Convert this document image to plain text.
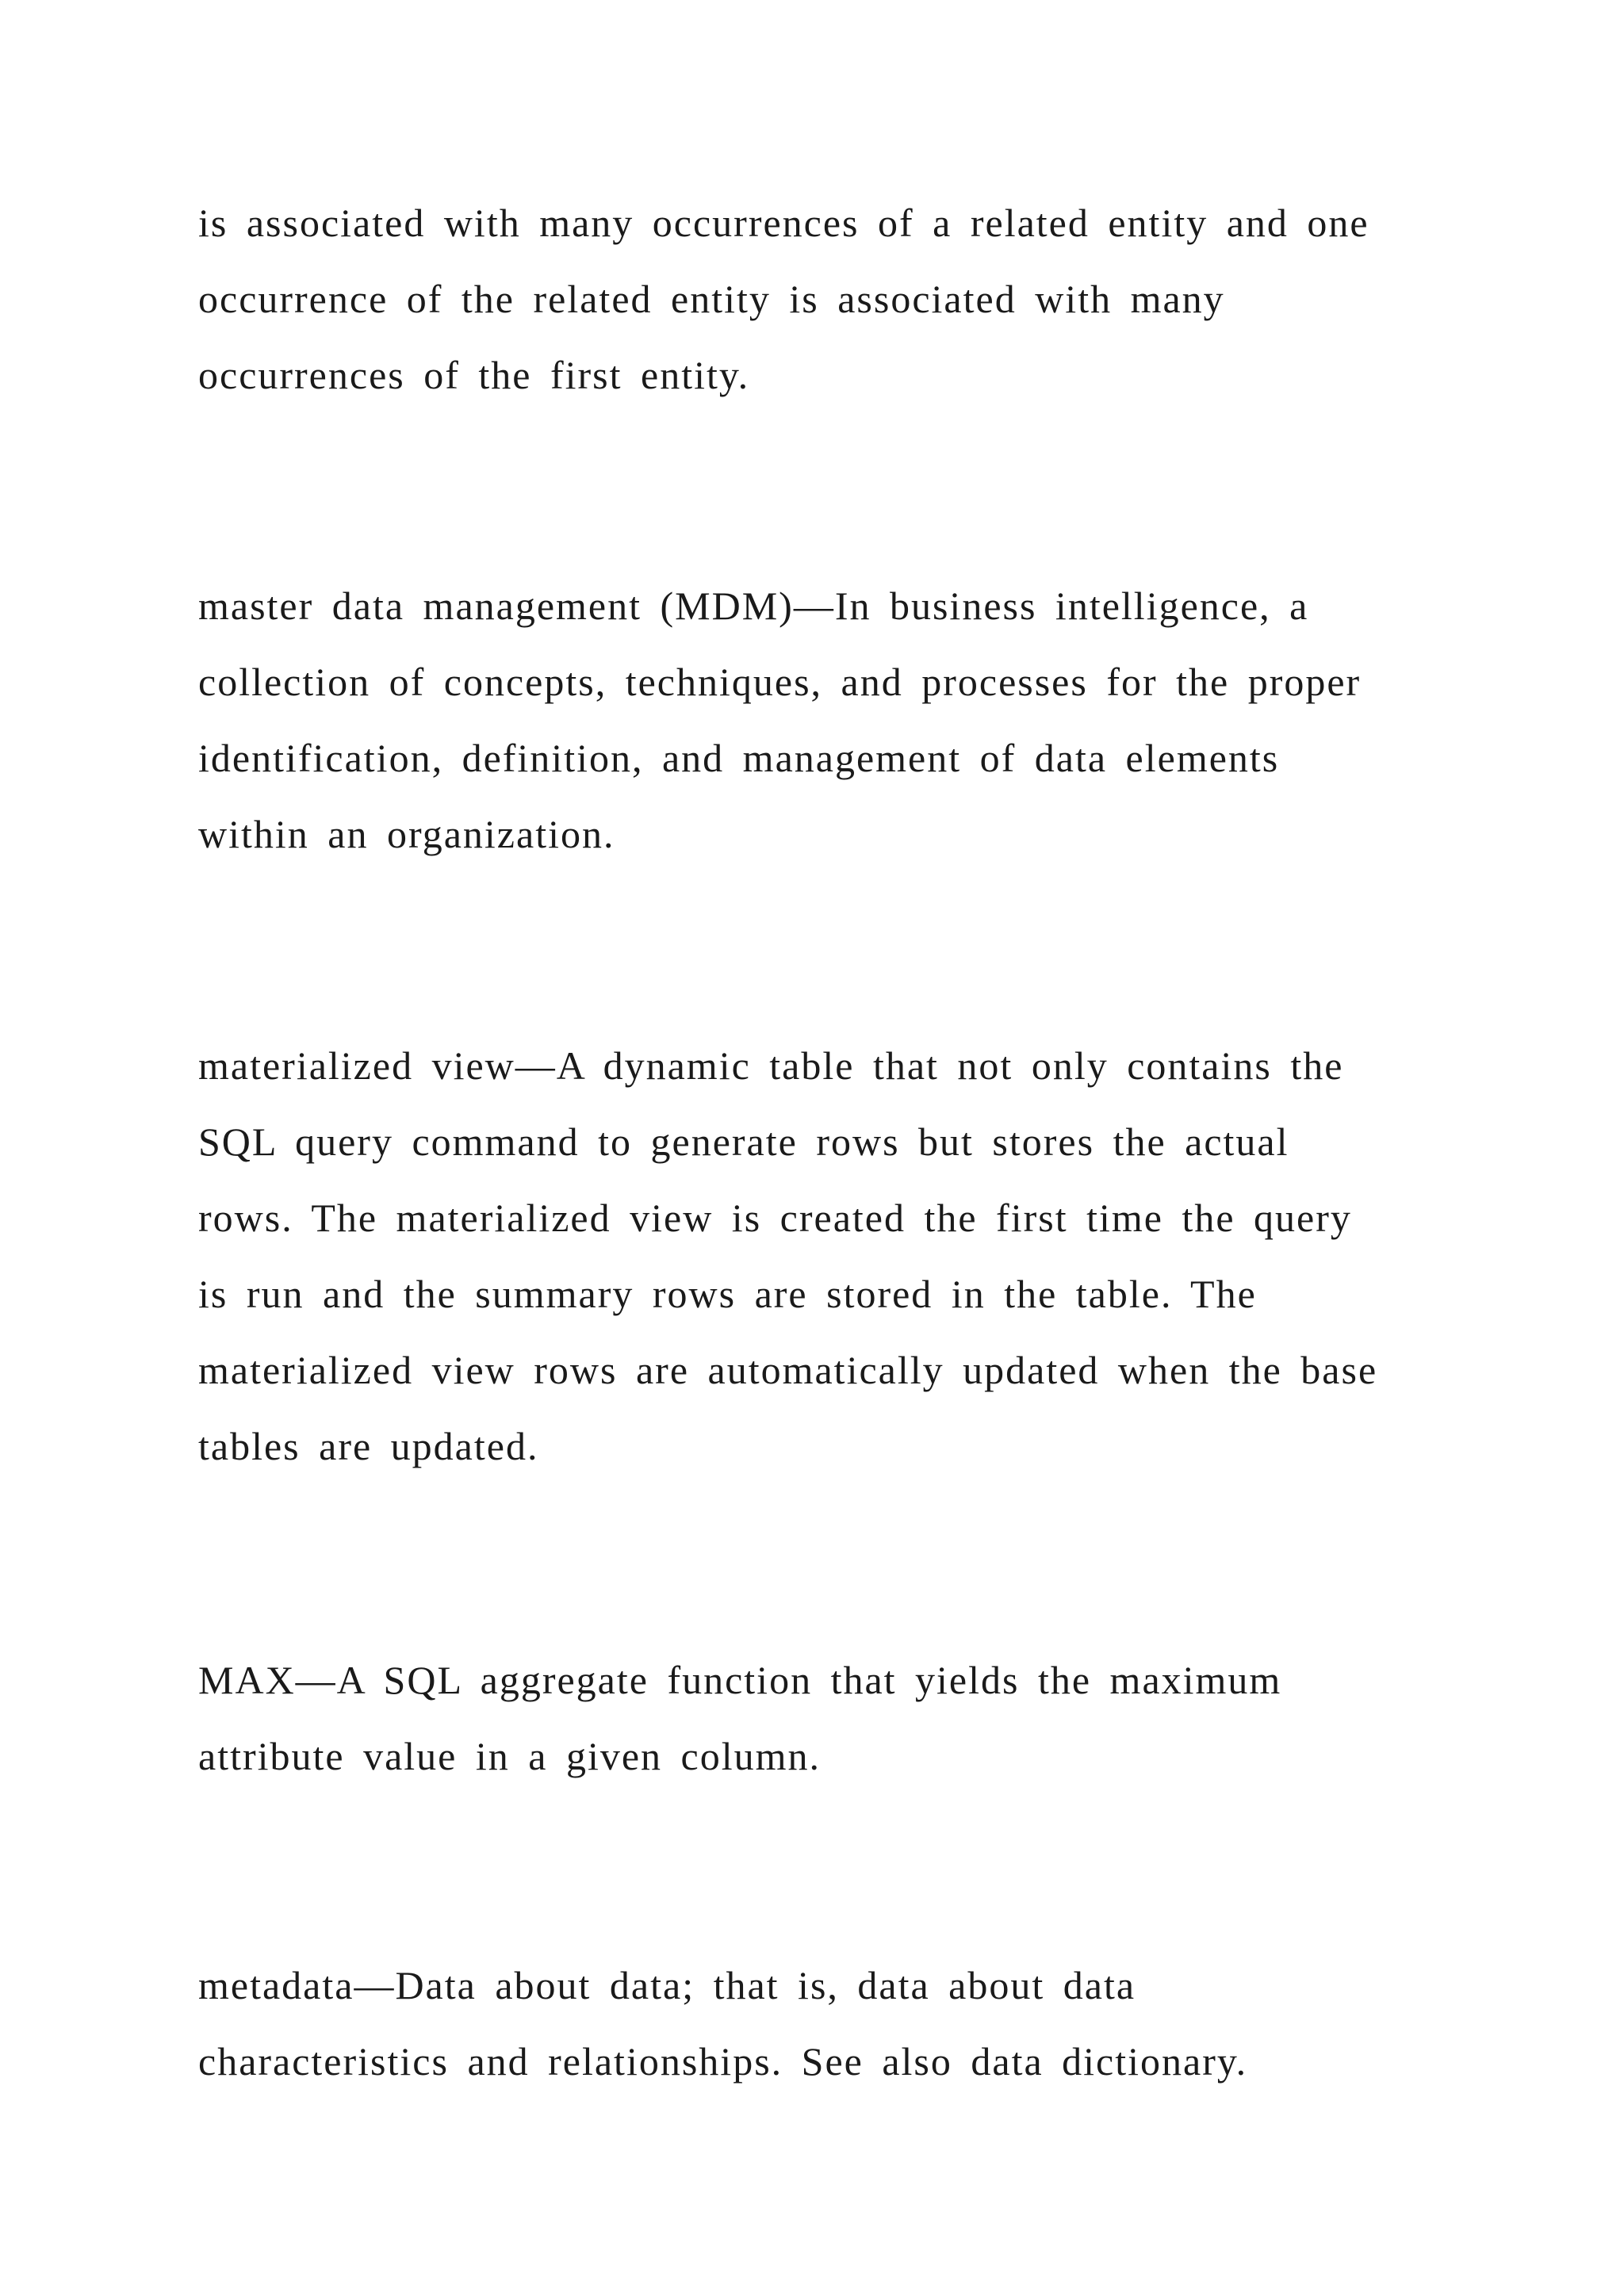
is associated with many occurrences of a related entity and one
occurrence of the related entity is associated with many
occurrences of the first entity.

master data management (MDM)—In business intelligence, a
collection of concepts, techniques, and processes for the proper
identification, definition, and management of data elements
within an organization.

materialized view—A dynamic table that not only contains the
SQL query command to generate rows but stores the actual
rows. The materialized view is created the first time the query
is run and the summary rows are stored in the table. The
materialized view rows are automatically updated when the base
tables are updated.

MAX—A SQL aggregate function that yields the maximum
attribute value in a given column.

metadata—Data about data; that is, data about data
characteristics and relationships. See also data dictionary.
